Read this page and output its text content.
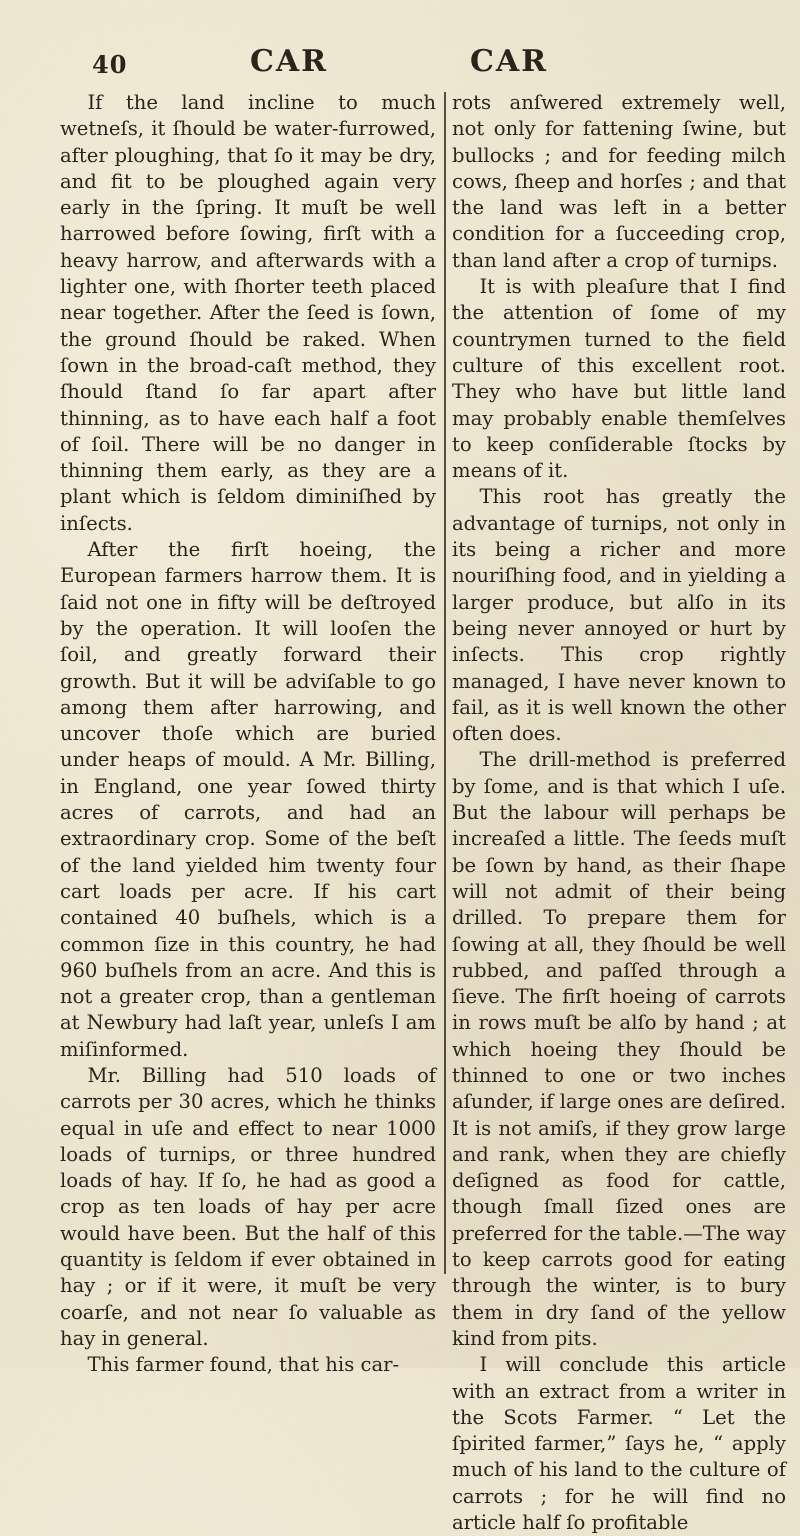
40	CAR	CAR

If the land incline to much wetneſs, it ſhould be water-furrowed, after ploughing, that ſo it may be dry, and fit to be ploughed again very early in the ſpring. It muſt be well harrowed before ſowing, firſt with a heavy harrow, and afterwards with a lighter one, with ſhorter teeth placed near together. After the ſeed is ſown, the ground ſhould be raked. When ſown in the broad-caſt method, they ſhould ſtand ſo far apart after thinning, as to have each half a foot of ſoil. There will be no danger in thinning them early, as they are a plant which is ſeldom diminiſhed by inſects.

After the firſt hoeing, the European farmers harrow them. It is ſaid not one in fifty will be deſtroyed by the operation. It will looſen the ſoil, and greatly forward their growth. But it will be adviſable to go among them after harrowing, and uncover thoſe which are buried under heaps of mould. A Mr. Billing, in England, one year ſowed thirty acres of carrots, and had an extraordinary crop. Some of the beſt of the land yielded him twenty four cart loads per acre. If his cart contained 40 buſhels, which is a common ſize in this country, he had 960 buſhels from an acre. And this is not a greater crop, than a gentleman at Newbury had laſt year, unleſs I am miſinformed.

Mr. Billing had 510 loads of carrots per 30 acres, which he thinks equal in uſe and effect to near 1000 loads of turnips, or three hundred loads of hay. If ſo, he had as good a crop as ten loads of hay per acre would have been. But the half of this quantity is ſeldom if ever obtained in hay ; or if it were, it muſt be very coarſe, and not near ſo valuable as hay in general.

This farmer found, that his car-

rots anſwered extremely well, not only for fattening ſwine, but bullocks ; and for feeding milch cows, ſheep and horſes ; and that the land was left in a better condition for a ſucceeding crop, than land after a crop of turnips.

It is with pleaſure that I find the attention of ſome of my countrymen turned to the field culture of this excellent root. They who have but little land may probably enable themſelves to keep conſiderable ſtocks by means of it.

This root has greatly the advantage of turnips, not only in its being a richer and more nouriſhing food, and in yielding a larger produce, but alſo in its being never annoyed or hurt by inſects. This crop rightly managed, I have never known to fail, as it is well known the other often does.

The drill-method is preferred by ſome, and is that which I uſe. But the labour will perhaps be increaſed a little. The ſeeds muſt be ſown by hand, as their ſhape will not admit of their being drilled. To prepare them for ſowing at all, they ſhould be well rubbed, and paſſed through a ſieve. The firſt hoeing of carrots in rows muſt be alſo by hand ; at which hoeing they ſhould be thinned to one or two inches aſunder, if large ones are deſired. It is not amiſs, if they grow large and rank, when they are chiefly deſigned as food for cattle, though ſmall ſized ones are preferred for the table.—The way to keep carrots good for eating through the winter, is to bury them in dry ſand of the yellow kind from pits.

I will conclude this article with an extract from a writer in the Scots Farmer. “ Let the ſpirited farmer,” ſays he, “ apply much of his land to the culture of carrots ; for he will find no article half ſo profitable
